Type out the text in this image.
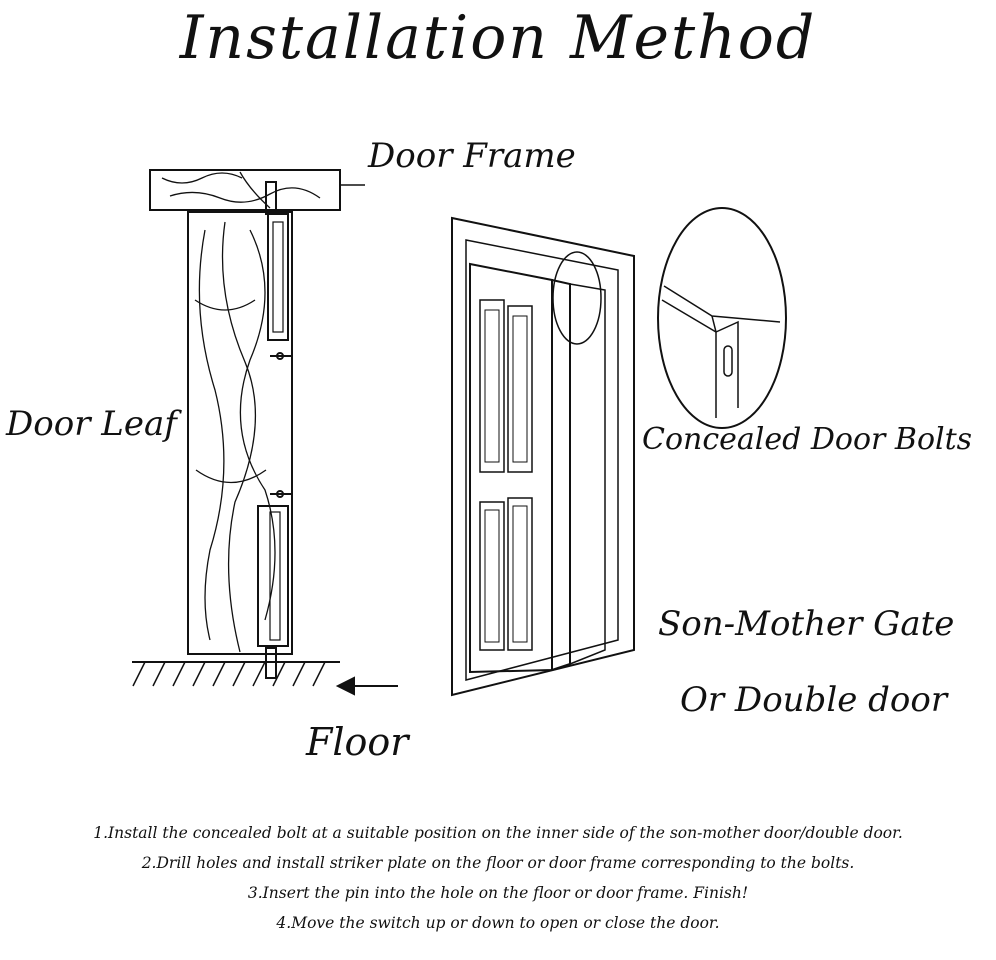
Installation Method
Door Frame
Door Leaf	Concealed Door Bolts
Son-Mother Gate
Or Double door
Floor
1.Install the concealed bolt at a suitable position on the inner side of the son-mother door/double door.
2.Drill holes and install striker plate on the floor or door frame corresponding to the bolts.
3.Insert the pin into the hole on the floor or door frame. Finish!
4.Move the switch up or down to open or close the door.
